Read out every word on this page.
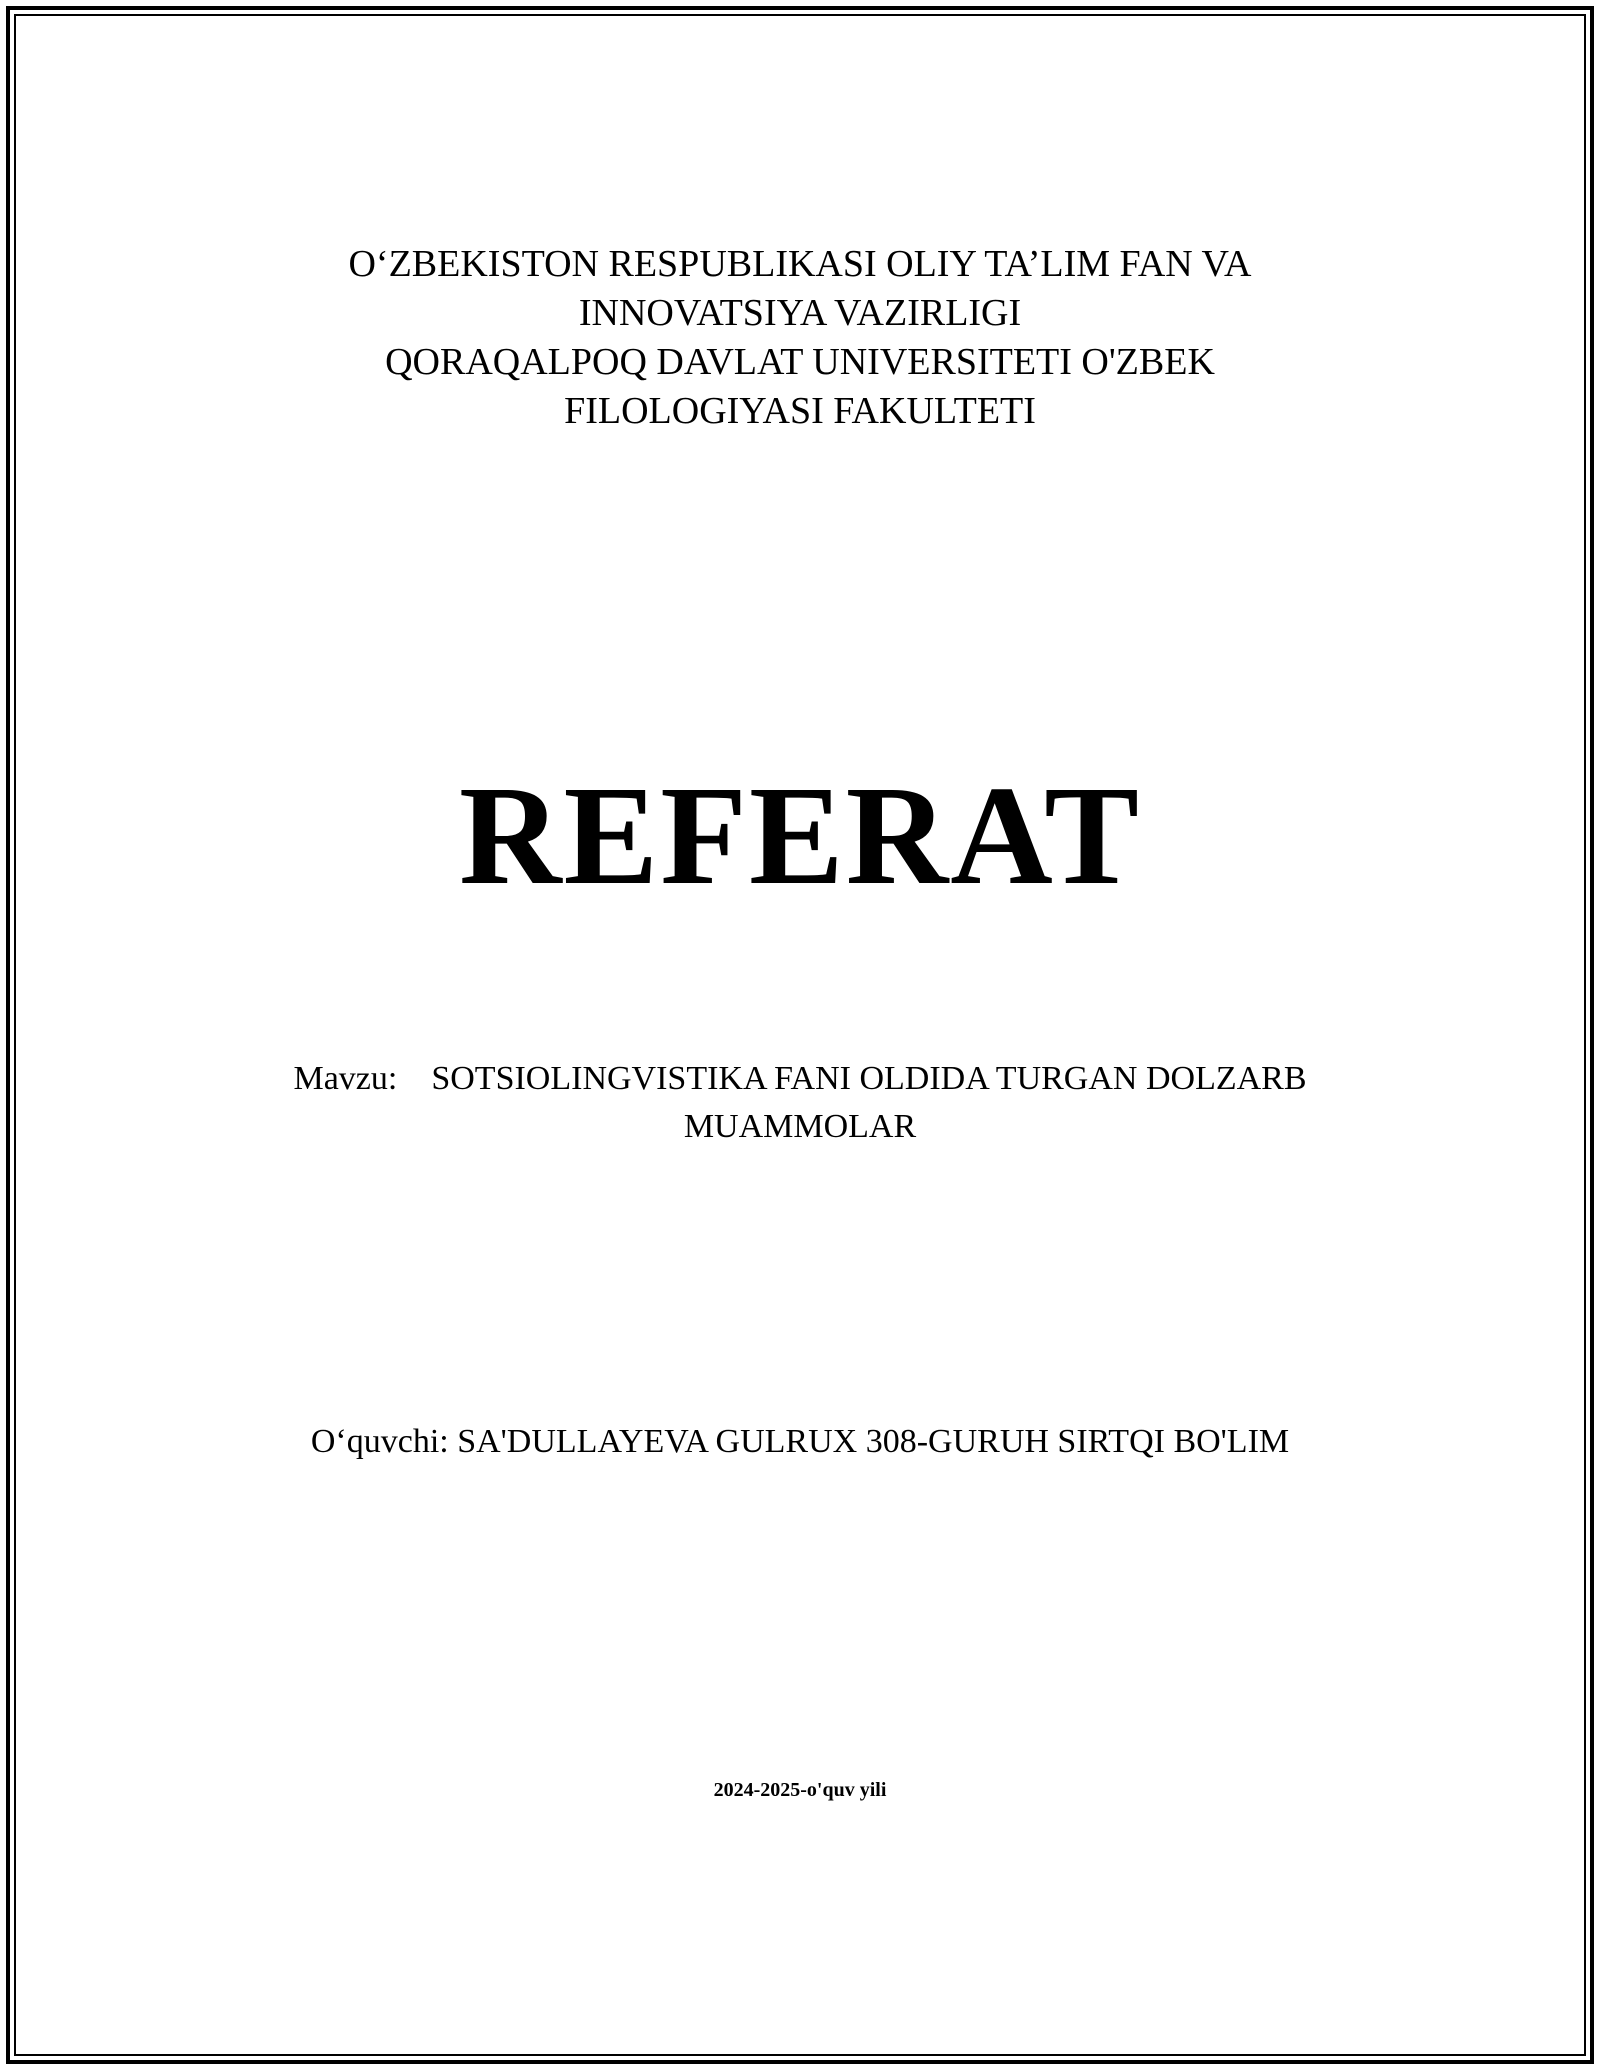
O‘ZBEKISTON RESPUBLIKASI OLIY TA’LIM FAN VA
INNOVATSIYA VAZIRLIGI
QORAQALPOQ DAVLAT UNIVERSITETI O'ZBEK
FILOLOGIYASI FAKULTETI
REFERAT
Mavzu: SOTSIOLINGVISTIKA FANI OLDIDA TURGAN DOLZARB
MUAMMOLAR
O‘quvchi: SA'DULLAYEVA GULRUX 308-GURUH SIRTQI BO'LIM
2024-2025-o'quv yili
